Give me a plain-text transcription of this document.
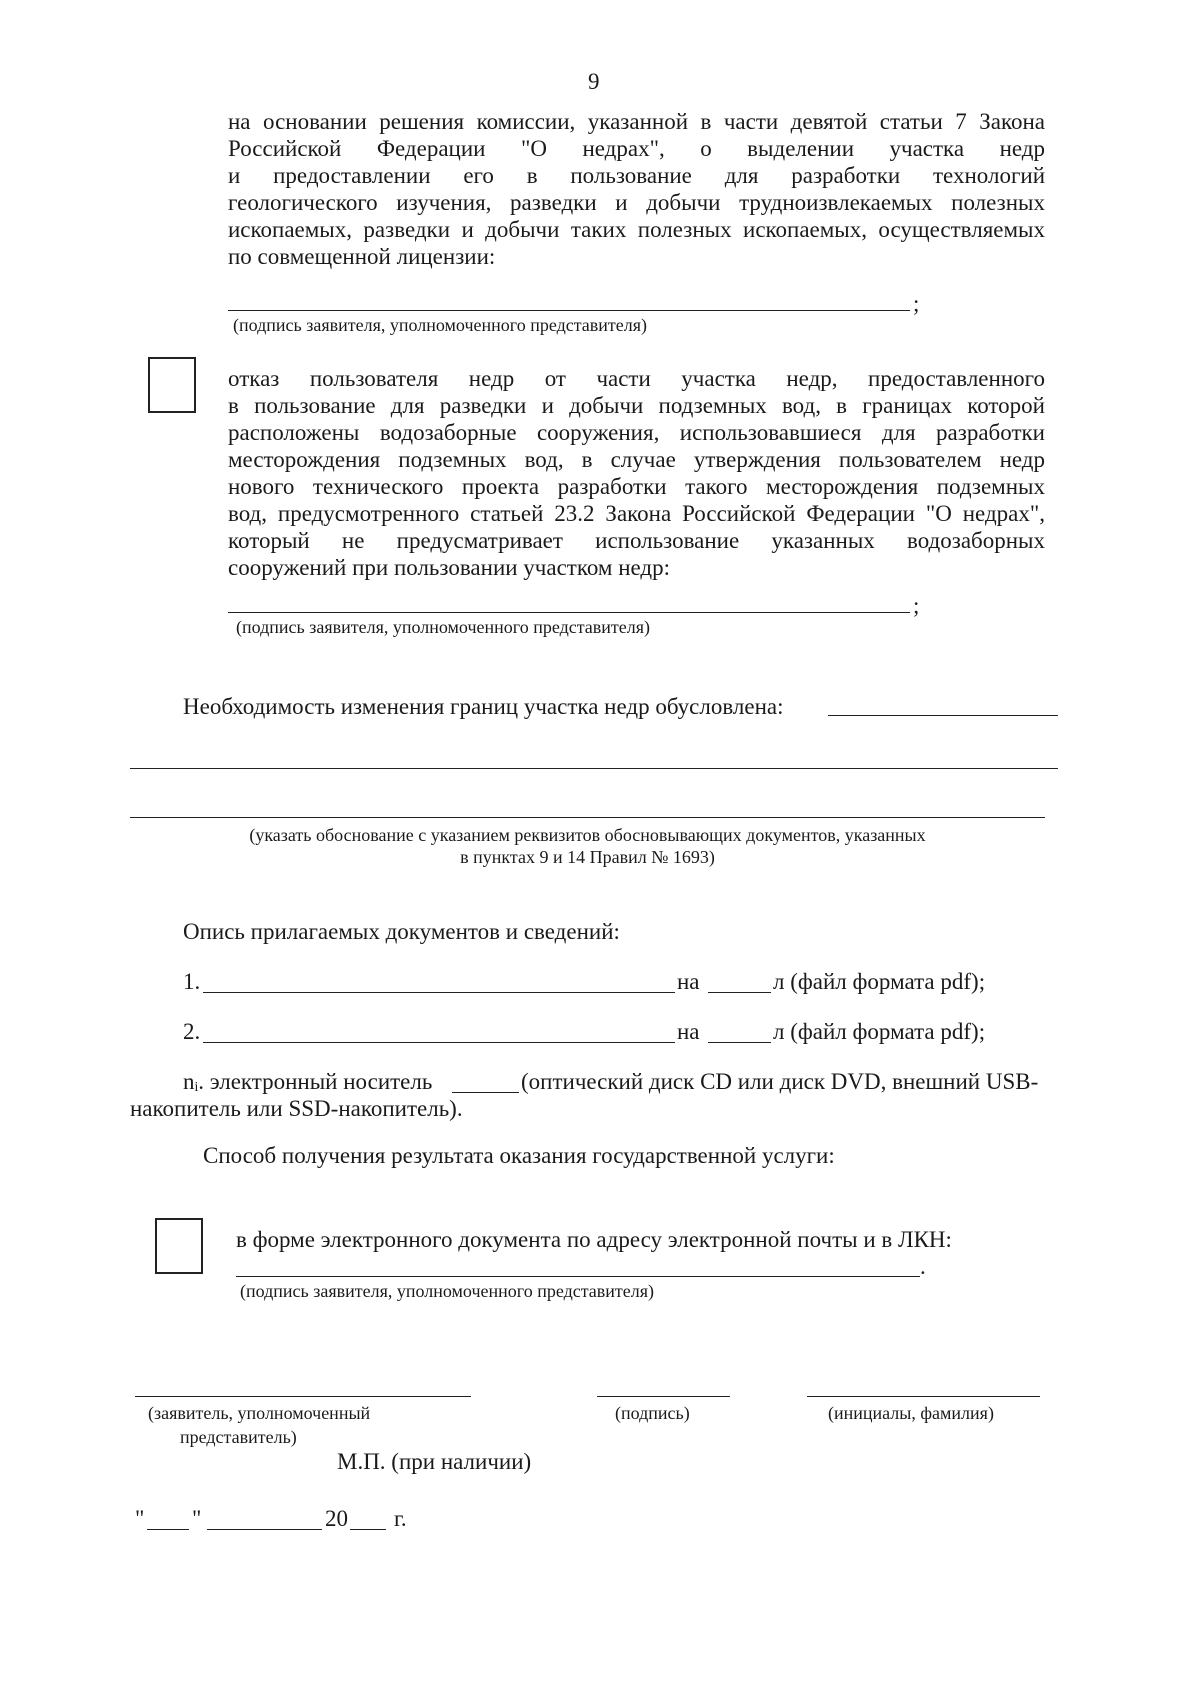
9
на основании решения комиссии, указанной в части девятой статьи 7 Закона
Российской Федерации "О недрах", о выделении участка недр
и предоставлении его в пользование для разработки технологий
геологического изучения, разведки и добычи трудноизвлекаемых полезных
ископаемых, разведки и добычи таких полезных ископаемых, осуществляемых
по совмещенной лицензии:
;
(подпись заявителя, уполномоченного представителя)
отказ пользователя недр от части участка недр, предоставленного
в пользование для разведки и добычи подземных вод, в границах которой
расположены водозаборные сооружения, использовавшиеся для разработки
месторождения подземных вод, в случае утверждения пользователем недр
нового технического проекта разработки такого месторождения подземных
вод, предусмотренного статьей 23.2 Закона Российской Федерации "О недрах",
который не предусматривает использование указанных водозаборных
сооружений при пользовании участком недр:
;
(подпись заявителя, уполномоченного представителя)
Необходимость изменения границ участка недр обусловлена:
(указать обоснование с указанием реквизитов обосновывающих документов, указанных
в пунктах 9 и 14 Правил № 1693)
Опись прилагаемых документов и сведений:
1.	на	л (файл формата pdf);
2.	на	л (файл формата pdf);
nᵢ. электронный носитель	(оптический диск CD или диск DVD, внешний USB-
накопитель или SSD-накопитель).
Способ получения результата оказания государственной услуги:
в форме электронного документа по адресу электронной почты и в ЛКН:
.
(подпись заявителя, уполномоченного представителя)
(заявитель, уполномоченный
представитель)
(подпись)	(инициалы, фамилия)
М.П. (при наличии)
" "	20 г.
